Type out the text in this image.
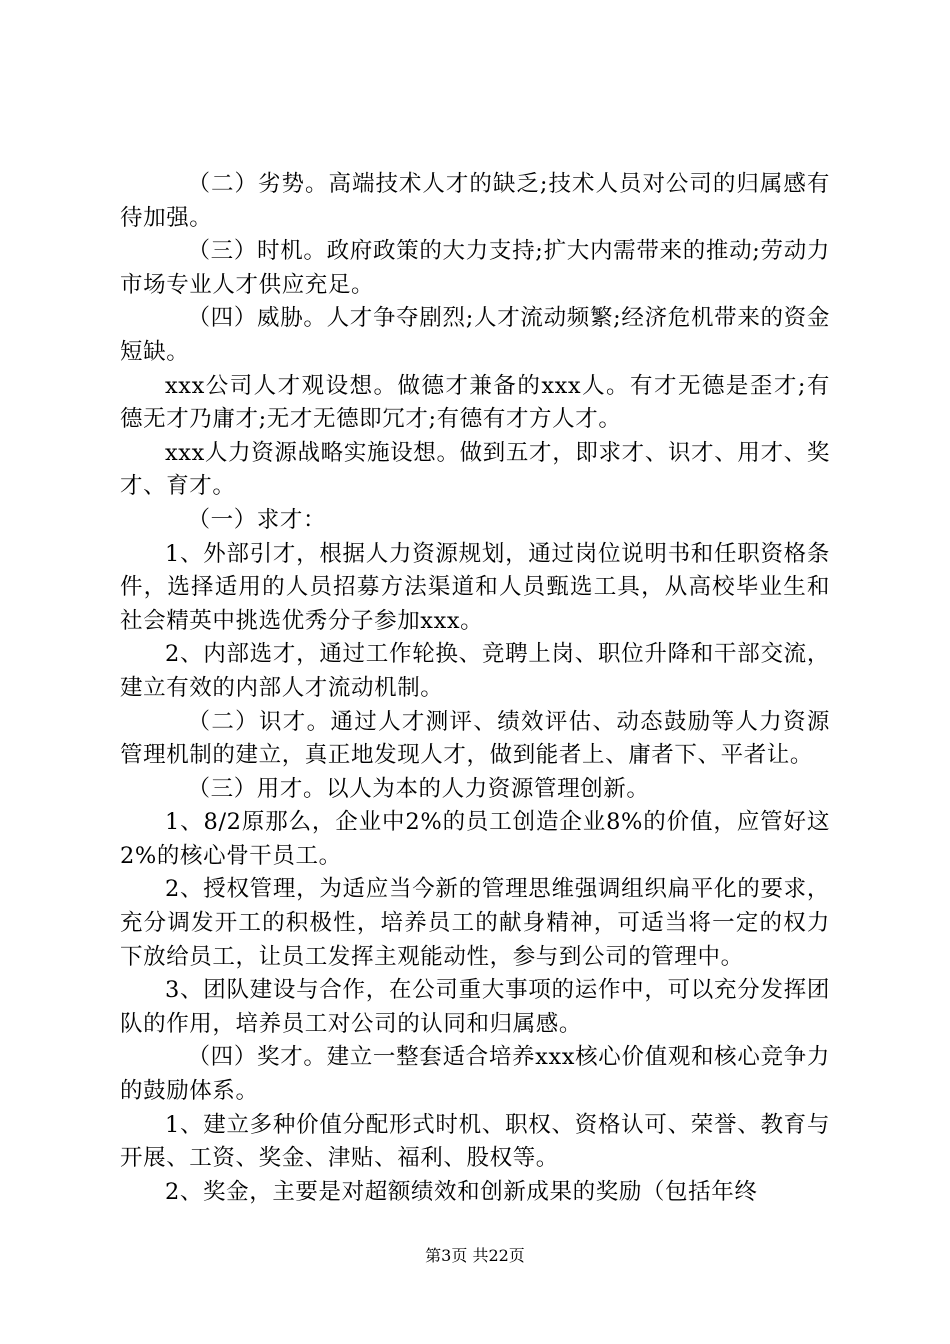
（二）劣势。高端技术人才的缺乏;技术人员对公司的归属感有待加强。

（三）时机。政府政策的大力支持;扩大内需带来的推动;劳动力市场专业人才供应充足。

（四）威胁。人才争夺剧烈;人才流动频繁;经济危机带来的资金短缺。

xxx公司人才观设想。做德才兼备的xxx人。有才无德是歪才;有德无才乃庸才;无才无德即冗才;有德有才方人才。

xxx人力资源战略实施设想。做到五才，即求才、识才、用才、奖才、育才。

（一）求才：

1、外部引才，根据人力资源规划，通过岗位说明书和任职资格条件，选择适用的人员招募方法渠道和人员甄选工具，从高校毕业生和社会精英中挑选优秀分子参加xxx。

2、内部选才，通过工作轮换、竞聘上岗、职位升降和干部交流，建立有效的内部人才流动机制。

（二）识才。通过人才测评、绩效评估、动态鼓励等人力资源管理机制的建立，真正地发现人才，做到能者上、庸者下、平者让。

（三）用才。以人为本的人力资源管理创新。

1、8/2原那么，企业中2%的员工创造企业8%的价值，应管好这2%的核心骨干员工。

2、授权管理，为适应当今新的管理思维强调组织扁平化的要求，充分调发开工的积极性，培养员工的献身精神，可适当将一定的权力下放给员工，让员工发挥主观能动性，参与到公司的管理中。

3、团队建设与合作，在公司重大事项的运作中，可以充分发挥团队的作用，培养员工对公司的认同和归属感。

（四）奖才。建立一整套适合培养xxx核心价值观和核心竞争力的鼓励体系。

1、建立多种价值分配形式时机、职权、资格认可、荣誉、教育与开展、工资、奖金、津贴、福利、股权等。

2、奖金，主要是对超额绩效和创新成果的奖励（包括年终

第3页 共22页
